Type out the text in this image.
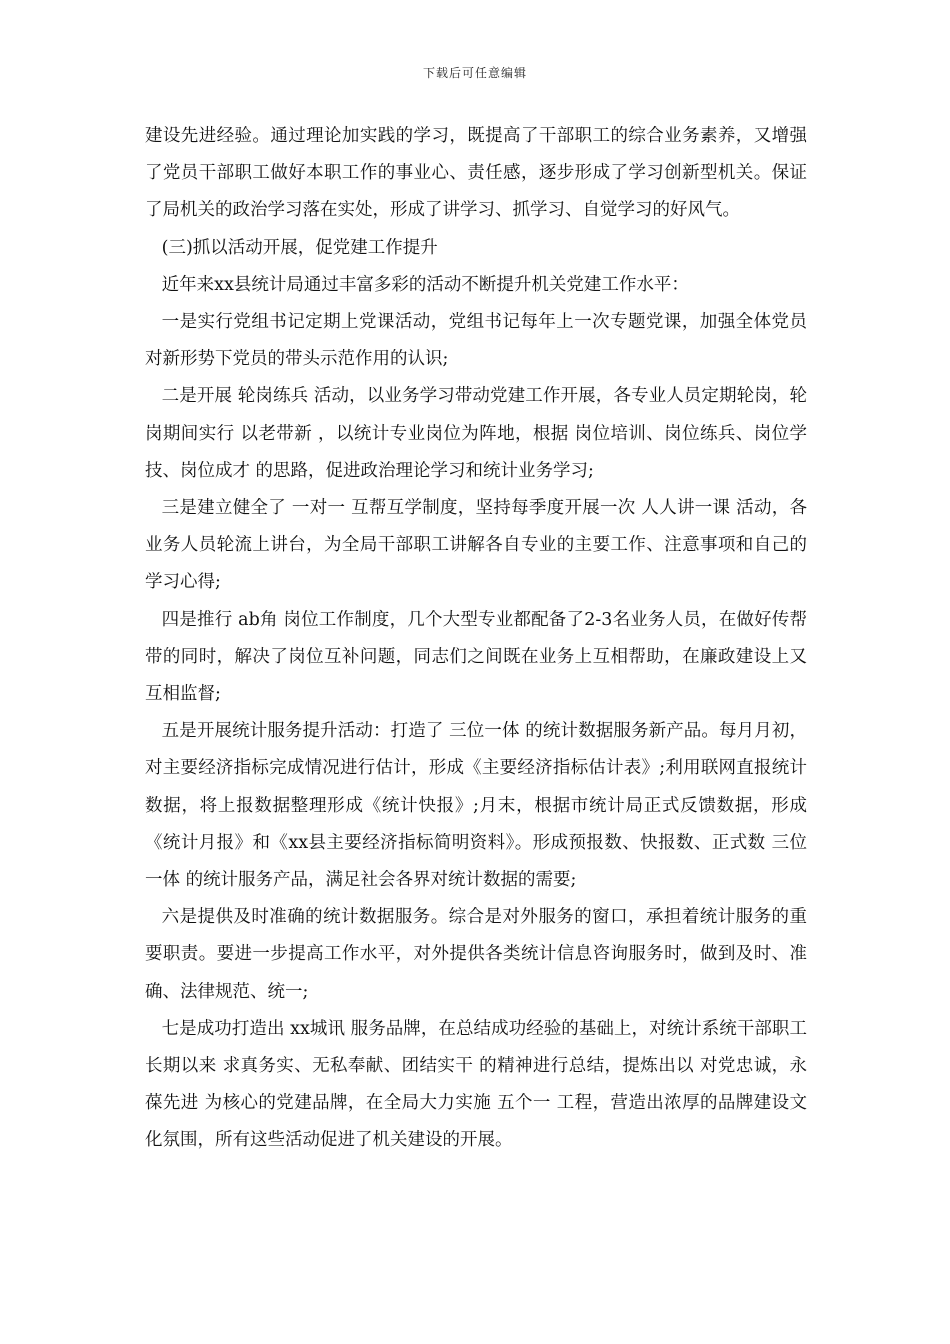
下载后可任意编辑

建设先进经验。通过理论加实践的学习，既提高了干部职工的综合业务素养，又增强了党员干部职工做好本职工作的事业心、责任感，逐步形成了学习创新型机关。保证了局机关的政治学习落在实处，形成了讲学习、抓学习、自觉学习的好风气。

(三)抓以活动开展，促党建工作提升

近年来xx县统计局通过丰富多彩的活动不断提升机关党建工作水平：

一是实行党组书记定期上党课活动，党组书记每年上一次专题党课，加强全体党员对新形势下党员的带头示范作用的认识;

二是开展 轮岗练兵 活动，以业务学习带动党建工作开展，各专业人员定期轮岗，轮岗期间实行 以老带新 ，以统计专业岗位为阵地，根据 岗位培训、岗位练兵、岗位学技、岗位成才 的思路，促进政治理论学习和统计业务学习;

三是建立健全了 一对一 互帮互学制度，坚持每季度开展一次 人人讲一课 活动，各业务人员轮流上讲台，为全局干部职工讲解各自专业的主要工作、注意事项和自己的学习心得;

四是推行 ab角 岗位工作制度，几个大型专业都配备了2-3名业务人员，在做好传帮带的同时，解决了岗位互补问题，同志们之间既在业务上互相帮助，在廉政建设上又互相监督;

五是开展统计服务提升活动：打造了 三位一体 的统计数据服务新产品。每月月初，对主要经济指标完成情况进行估计，形成《主要经济指标估计表》;利用联网直报统计数据，将上报数据整理形成《统计快报》;月末，根据市统计局正式反馈数据，形成《统计月报》和《xx县主要经济指标简明资料》。形成预报数、快报数、正式数 三位一体 的统计服务产品，满足社会各界对统计数据的需要;

六是提供及时准确的统计数据服务。综合是对外服务的窗口，承担着统计服务的重要职责。要进一步提高工作水平，对外提供各类统计信息咨询服务时，做到及时、准确、法律规范、统一;

七是成功打造出 xx城讯 服务品牌，在总结成功经验的基础上，对统计系统干部职工长期以来 求真务实、无私奉献、团结实干 的精神进行总结，提炼出以 对党忠诚，永葆先进 为核心的党建品牌，在全局大力实施 五个一 工程，营造出浓厚的品牌建设文化氛围，所有这些活动促进了机关建设的开展。
